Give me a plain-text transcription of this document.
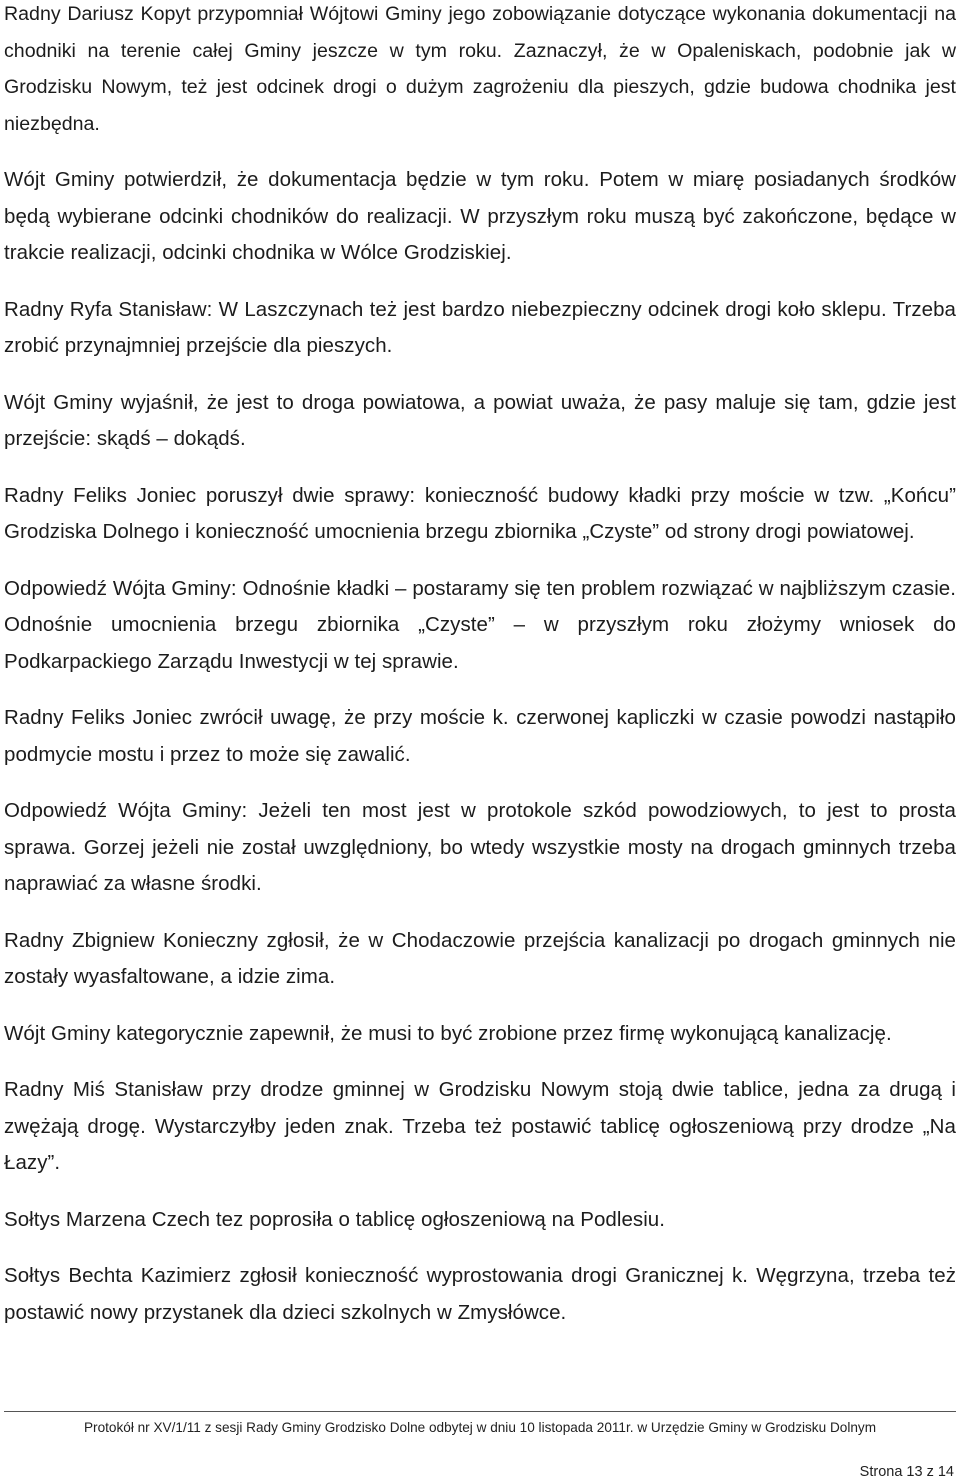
Radny Dariusz Kopyt przypomniał Wójtowi Gminy jego zobowiązanie dotyczące wykonania dokumentacji na chodniki na terenie całej Gminy jeszcze w tym roku. Zaznaczył, że w Opaleniskach, podobnie jak w Grodzisku Nowym, też jest odcinek drogi o dużym zagrożeniu dla pieszych, gdzie budowa chodnika jest niezbędna.

Wójt Gminy potwierdził, że dokumentacja będzie w tym roku. Potem w miarę posiadanych środków będą wybierane odcinki chodników do realizacji. W przyszłym roku muszą być zakończone, będące w trakcie realizacji, odcinki chodnika w Wólce Grodziskiej.

Radny Ryfa Stanisław: W Laszczynach też jest bardzo niebezpieczny odcinek drogi koło sklepu. Trzeba zrobić przynajmniej przejście dla pieszych.

Wójt Gminy wyjaśnił, że jest to droga powiatowa, a powiat uważa, że pasy maluje się tam, gdzie jest przejście: skądś – dokądś.

Radny Feliks Joniec poruszył dwie sprawy: konieczność budowy kładki przy moście w tzw. „Końcu” Grodziska Dolnego i konieczność umocnienia brzegu zbiornika „Czyste” od strony drogi powiatowej.

Odpowiedź Wójta Gminy: Odnośnie kładki – postaramy się ten problem rozwiązać w najbliższym czasie. Odnośnie umocnienia brzegu zbiornika „Czyste” – w przyszłym roku złożymy wniosek do Podkarpackiego Zarządu Inwestycji w tej sprawie.

Radny Feliks Joniec zwrócił uwagę, że przy moście k. czerwonej kapliczki w czasie powodzi nastąpiło podmycie mostu i przez to może się zawalić.

Odpowiedź Wójta Gminy: Jeżeli ten most jest w protokole szkód powodziowych, to jest to prosta sprawa. Gorzej jeżeli nie został uwzględniony, bo wtedy wszystkie mosty na drogach gminnych trzeba naprawiać za własne środki.

Radny Zbigniew Konieczny zgłosił, że w Chodaczowie przejścia kanalizacji po drogach gminnych nie zostały wyasfaltowane, a idzie zima.

Wójt Gminy kategorycznie zapewnił, że musi to być zrobione przez firmę wykonującą kanalizację.

Radny Miś Stanisław przy drodze gminnej w Grodzisku Nowym stoją dwie tablice, jedna za drugą i zwężają drogę. Wystarczyłby jeden znak. Trzeba też postawić tablicę ogłoszeniową przy drodze „Na Łazy”.

Sołtys Marzena Czech tez poprosiła o tablicę ogłoszeniową na Podlesiu.

Sołtys Bechta Kazimierz zgłosił konieczność wyprostowania drogi Granicznej k. Węgrzyna, trzeba też postawić nowy przystanek dla dzieci szkolnych w Zmysłówce.

Protokół nr XV/1/11 z sesji Rady Gminy Grodzisko Dolne odbytej w dniu 10 listopada 2011r. w Urzędzie Gminy w Grodzisku Dolnym
Strona 13 z 14
